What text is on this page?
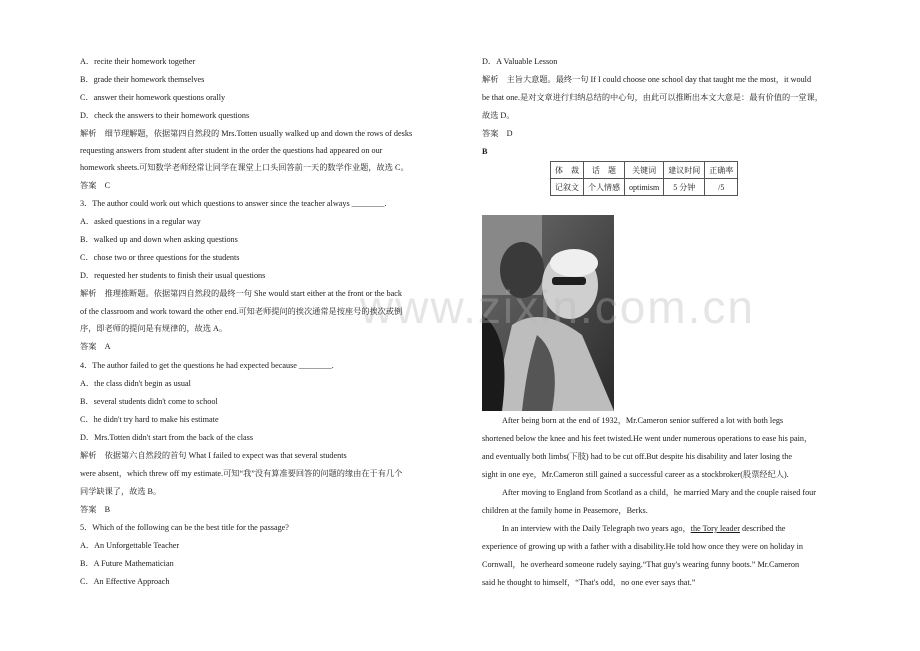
体　裁	话　题	关键词	建议时间	正确率
记叙文	个人情感	optimism	5 分钟	/5
www.zixin.com.cn
In an interview with the Daily Telegraph two years ago，the Tory leader described the
A．recite their homework together
B．grade their homework themselves
C．answer their homework questions orally
D．check the answers to their homework questions
解析　细节理解题，依据第四自然段的 Mrs.Totten usually walked up and down the rows of desks
requesting answers from student after student in the order the questions had appeared on our
homework sheets.可知数学老师经常让同学在课堂上口头回答前一天的数学作业题，故选 C。
答案　C
3．The author could work out which questions to answer since the teacher always ________.
A．asked questions in a regular way
B．walked up and down when asking questions
C．chose two or three questions for the students
D．requested her students to finish their usual questions
解析　推理推断题。依据第四自然段的最终一句 She would start either at the front or the back
of the classroom and work toward the other end.可知老师提问的挨次通常是按座号的挨次或倒
序，即老师的提问是有规律的，故选 A。
答案　A
4．The author failed to get the questions he had expected because ________.
A．the class didn't begin as usual
B．several students didn't come to school
C．he didn't try hard to make his estimate
D．Mrs.Totten didn't start from the back of the class
解析　依据第六自然段的首句 What I failed to expect was that several students
were absent，which threw off my estimate.可知“我”没有算准要回答的问题的缘由在于有几个
同学缺课了，故选 B。
答案　B
5．Which of the following can be the best title for the passage?
A．An Unforgettable Teacher
B．A Future Mathematician
C．An Effective Approach
D．A Valuable Lesson
解析　主旨大意题。最终一句 If I could choose one school day that taught me the most，it would
be that one.是对文章进行归纳总结的中心句，由此可以推断出本文大意是：最有价值的一堂课，
故选 D。
答案　D
B
After being born at the end of 1932，Mr.Cameron senior suffered a lot with both legs
shortened below the knee and his feet twisted.He went under numerous operations to ease his pain，
and eventually both limbs(下肢) had to be cut off.But despite his disability and later losing the
sight in one eye，Mr.Cameron still gained a successful career as a stockbroker(股票经纪人).
After moving to England from Scotland as a child，he married Mary and the couple raised four
children at the family home in Peasemore，Berks.
experience of growing up with a father with a disability.He told how once they were on holiday in
Cornwall，he overheard someone rudely saying.“That guy's wearing funny boots.” Mr.Cameron
said he thought to himself，“That's odd，no one ever says that.”
